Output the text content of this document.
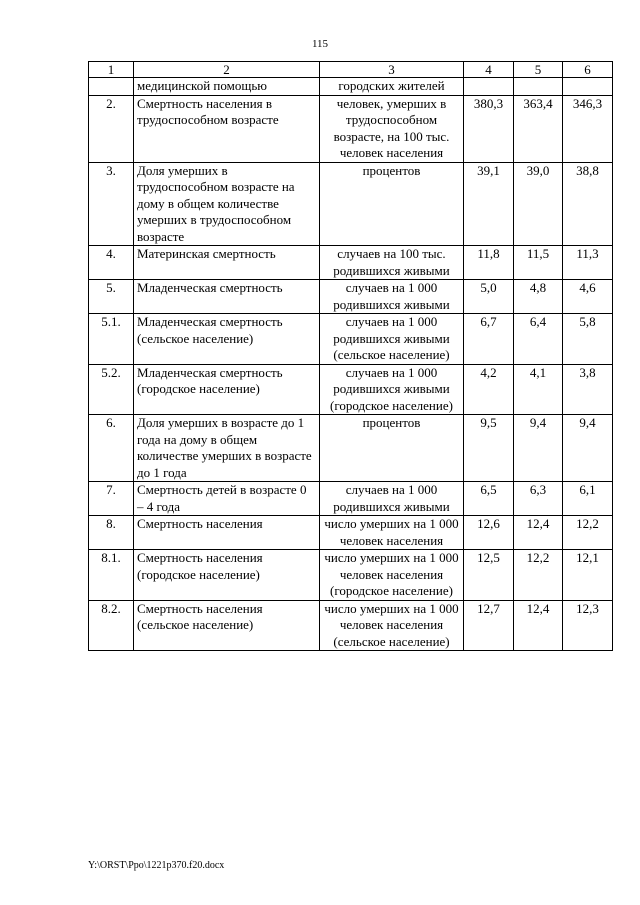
115
1	2	3	4	5	6
	медицинской помощью	городских жителей			
2.	Смертность населения в трудоспособном возрасте	человек, умерших в трудоспособном возрасте, на 100 тыс. человек населения	380,3	363,4	346,3
3.	Доля умерших в трудоспособном возрасте на дому в общем количестве умерших в трудоспособном возрасте	процентов	39,1	39,0	38,8
4.	Материнская смертность	случаев на 100 тыс. родившихся живыми	11,8	11,5	11,3
5.	Младенческая смертность	случаев на 1 000 родившихся живыми	5,0	4,8	4,6
5.1.	Младенческая смертность (сельское население)	случаев на 1 000 родившихся живыми (сельское население)	6,7	6,4	5,8
5.2.	Младенческая смертность (городское население)	случаев на 1 000 родившихся живыми (городское население)	4,2	4,1	3,8
6.	Доля умерших в возрасте до 1 года на дому в общем количестве умерших в возрасте до 1 года	процентов	9,5	9,4	9,4
7.	Смертность детей в возрасте 0 – 4 года	случаев на 1 000 родившихся живыми	6,5	6,3	6,1
8.	Смертность населения	число умерших на 1 000 человек населения	12,6	12,4	12,2
8.1.	Смертность населения (городское население)	число умерших на 1 000 человек населения (городское население)	12,5	12,2	12,1
8.2.	Смертность населения (сельское население)	число умерших на 1 000 человек населения (сельское население)	12,7	12,4	12,3
Y:\ORST\Ppo\1221p370.f20.docx
